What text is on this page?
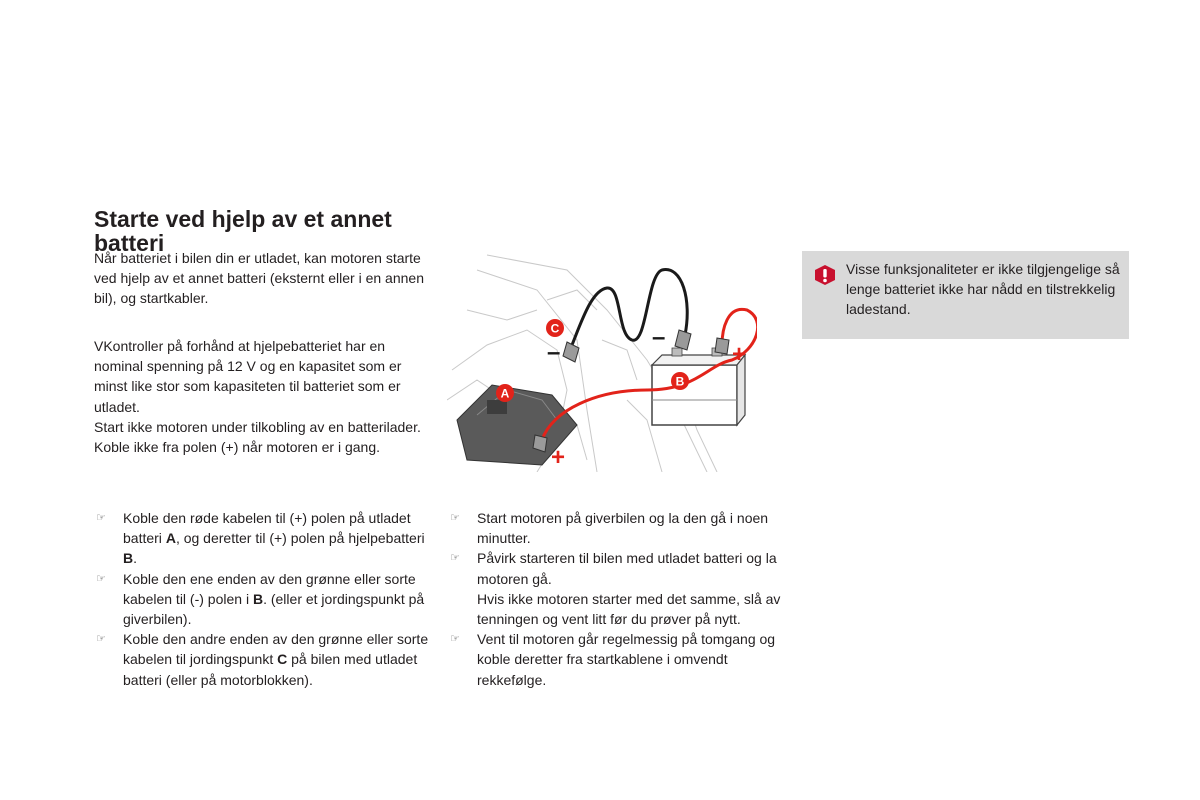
Starte ved hjelp av et annet batteri

Når batteriet i bilen din er utladet, kan motoren starte ved hjelp av et annet batteri (eksternt eller i en annen bil), og startkabler.

VKontroller på forhånd at hjelpebatteriet har en nominal spenning på 12 V og en kapasitet som er minst like stor som kapasiteten til batteriet som er utladet.
Start ikke motoren under tilkobling av en batterilader.
Koble ikke fra polen (+) når motoren er i gang.
C
A
B
–
–
+
+
☞ Koble den røde kabelen til (+) polen på utladet batteri A, og deretter til (+) polen på hjelpebatteri B.
☞ Koble den ene enden av den grønne eller sorte kabelen til (-) polen i B. (eller et jordingspunkt på giverbilen).
☞ Koble den andre enden av den grønne eller sorte kabelen til jordingspunkt C på bilen med utladet batteri (eller på motorblokken).
☞ Start motoren på giverbilen og la den gå i noen minutter.
☞ Påvirk starteren til bilen med utladet batteri og la motoren gå.
Hvis ikke motoren starter med det samme, slå av tenningen og vent litt før du prøver på nytt.
☞ Vent til motoren går regelmessig på tomgang og koble deretter fra startkablene i omvendt rekkefølge.
Visse funksjonaliteter er ikke tilgjengelige så lenge batteriet ikke har nådd en tilstrekkelig ladestand.
